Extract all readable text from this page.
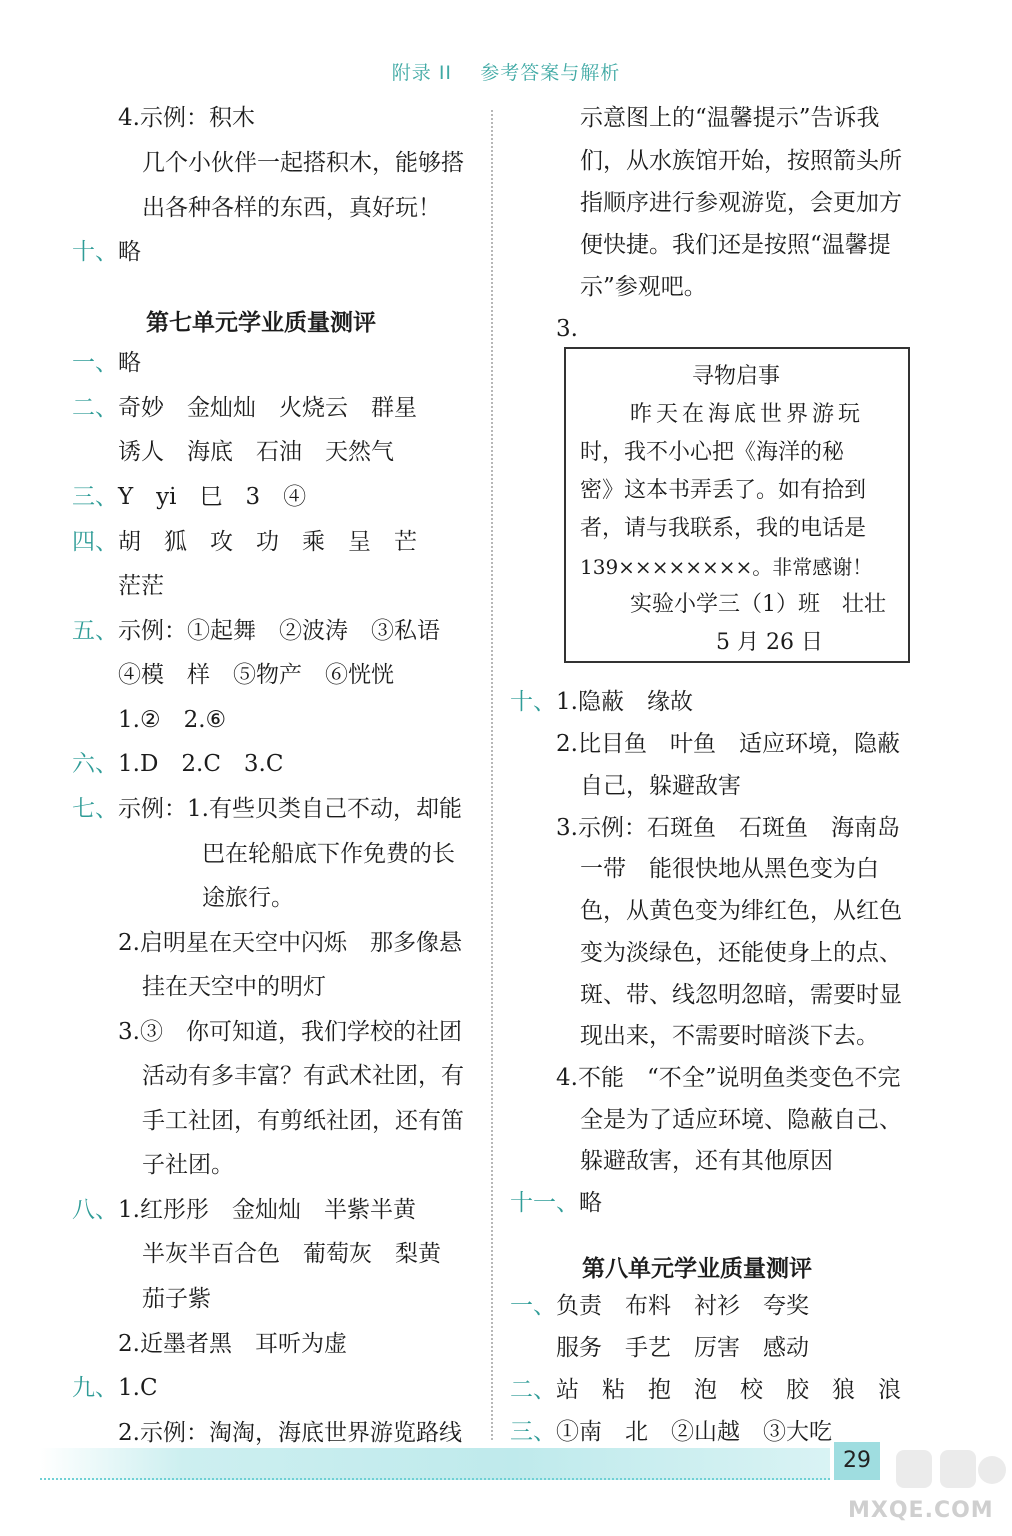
附录 II 参考答案与解析
4.示例：积木
几个小伙伴一起搭积木，能够搭
出各种各样的东西，真好玩！
十、略
第七单元学业质量测评
一、略
二、奇妙　金灿灿　火烧云　群星
诱人　海底　石油　天然气
三、Y　yi　巳　3　④
四、胡　狐　攻　功　乘　呈　芒
茫茫
五、示例：①起舞　②波涛　③私语
④模　样　⑤物产　⑥恍恍
1.②　2.⑥
六、1.D　2.C　3.C
七、示例：1.有些贝类自己不动，却能
巴在轮船底下作免费的长
途旅行。
2.启明星在天空中闪烁　那多像悬
挂在天空中的明灯
3.③　你可知道，我们学校的社团
活动有多丰富？有武术社团，有
手工社团，有剪纸社团，还有笛
子社团。
八、1.红彤彤　金灿灿　半紫半黄
半灰半百合色　葡萄灰　梨黄
茄子紫
2.近墨者黑　耳听为虚
九、1.C
2.示例：淘淘，海底世界游览路线
示意图上的“温馨提示”告诉我
们，从水族馆开始，按照箭头所
指顺序进行参观游览，会更加方
便快捷。我们还是按照“温馨提
示”参观吧。
3.
寻物启事
昨天在海底世界游玩
时，我不小心把《海洋的秘
密》这本书弄丢了。如有拾到
者，请与我联系，我的电话是
139××××××××。非常感谢！
实验小学三（1）班　壮壮
5 月 26 日
十、1.隐蔽　缘故
2.比目鱼　叶鱼　适应环境，隐蔽
自己，躲避敌害
3.示例：石斑鱼　石斑鱼　海南岛
一带　能很快地从黑色变为白
色，从黄色变为绯红色，从红色
变为淡绿色，还能使身上的点、
斑、带、线忽明忽暗，需要时显
现出来，不需要时暗淡下去。
4.不能　“不全”说明鱼类变色不完
全是为了适应环境、隐蔽自己、
躲避敌害，还有其他原因
十一、略
第八单元学业质量测评
一、负责　布料　衬衫　夸奖
服务　手艺　厉害　感动
二、站　粘　抱　泡　校　胶　狼　浪
三、①南　北　②山越　③大吃
29
MXQE.COM
